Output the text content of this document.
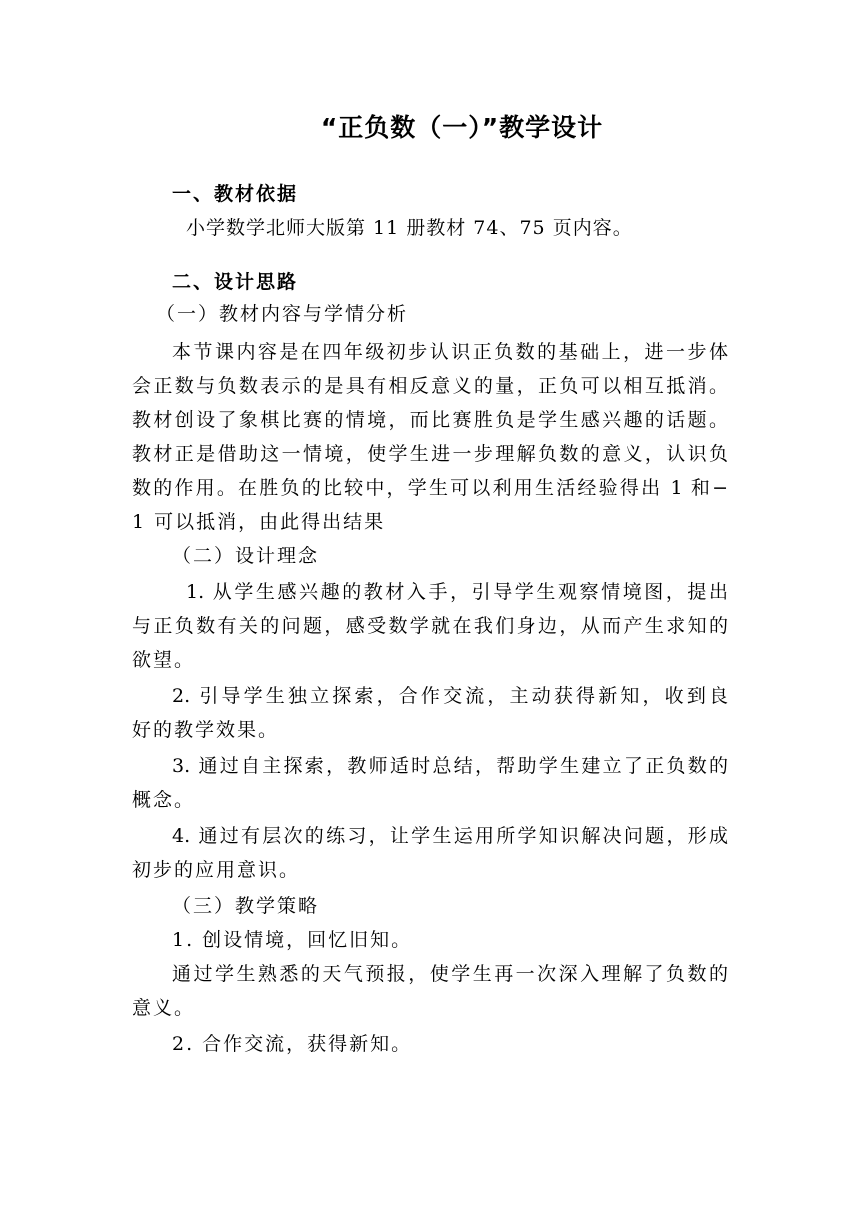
“正负数（一）”教学设计
一、教材依据
小学数学北师大版第 11 册教材 74、75 页内容。
二、设计思路
（一）教材内容与学情分析
本节课内容是在四年级初步认识正负数的基础上，进一步体
会正数与负数表示的是具有相反意义的量，正负可以相互抵消。
教材创设了象棋比赛的情境，而比赛胜负是学生感兴趣的话题。
教材正是借助这一情境，使学生进一步理解负数的意义，认识负
数的作用。在胜负的比较中，学生可以利用生活经验得出 1 和−
1 可以抵消，由此得出结果
（二）设计理念
1. 从学生感兴趣的教材入手，引导学生观察情境图，提出
与正负数有关的问题，感受数学就在我们身边，从而产生求知的
欲望。
2. 引导学生独立探索，合作交流，主动获得新知，收到良
好的教学效果。
3. 通过自主探索，教师适时总结，帮助学生建立了正负数的
概念。
4. 通过有层次的练习，让学生运用所学知识解决问题，形成
初步的应用意识。
（三）教学策略
1. 创设情境，回忆旧知。
通过学生熟悉的天气预报，使学生再一次深入理解了负数的
意义。
2. 合作交流，获得新知。
